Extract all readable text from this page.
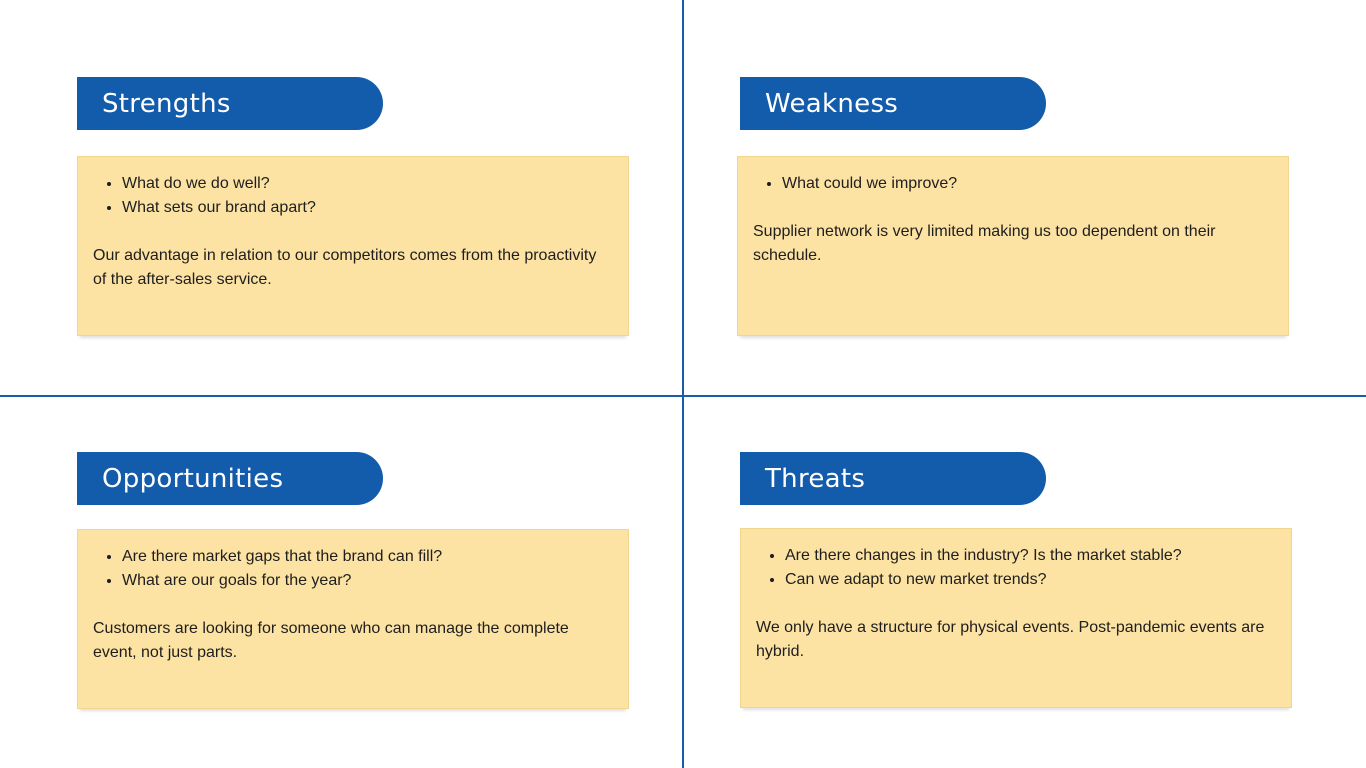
Strengths
• What do we do well?
• What sets our brand apart?

Our advantage in relation to our competitors comes from the proactivity of the after-sales service.

Weakness
• What could we improve?

Supplier network is very limited making us too dependent on their schedule.

Opportunities
• Are there market gaps that the brand can fill?
• What are our goals for the year?

Customers are looking for someone who can manage the complete event, not just parts.

Threats
• Are there changes in the industry? Is the market stable?
• Can we adapt to new market trends?

We only have a structure for physical events. Post-pandemic events are hybrid.
